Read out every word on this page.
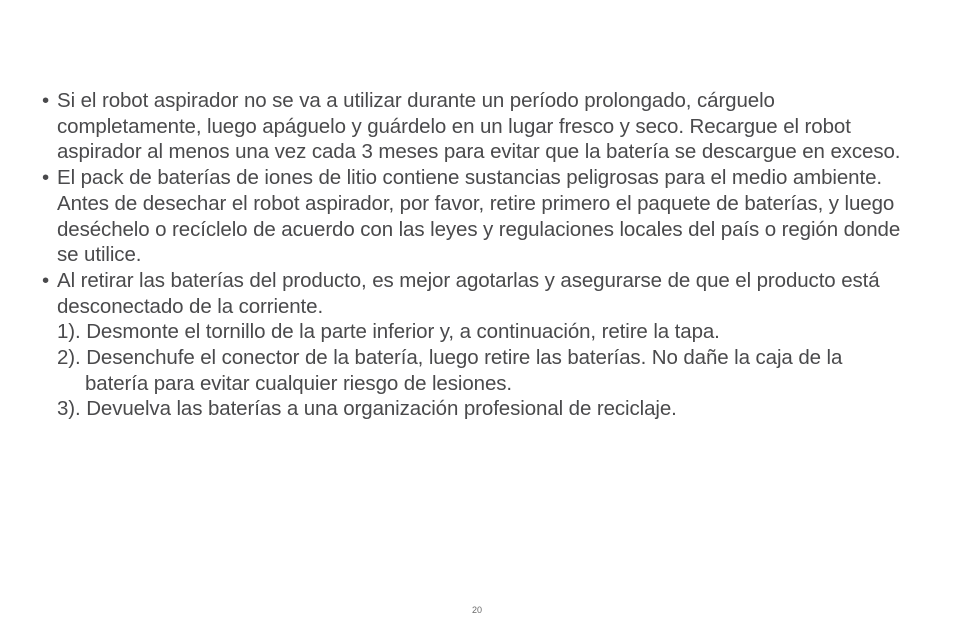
• Si el robot aspirador no se va a utilizar durante un período prolongado, cárguelo completamente, luego apáguelo y guárdelo en un lugar fresco y seco. Recargue el robot aspirador al menos una vez cada 3 meses para evitar que la batería se descargue en exceso.

• El pack de baterías de iones de litio contiene sustancias peligrosas para el medio ambiente. Antes de desechar el robot aspirador, por favor, retire primero el paquete de baterías, y luego deséchelo o recíclelo de acuerdo con las leyes y regulaciones locales del país o región donde se utilice.

• Al retirar las baterías del producto, es mejor agotarlas y asegurarse de que el producto está desconectado de la corriente.

1). Desmonte el tornillo de la parte inferior y, a continuación, retire la tapa.

2). Desenchufe el conector de la batería, luego retire las baterías. No dañe la caja de la batería para evitar cualquier riesgo de lesiones.

3). Devuelva las baterías a una organización profesional de reciclaje.

20
